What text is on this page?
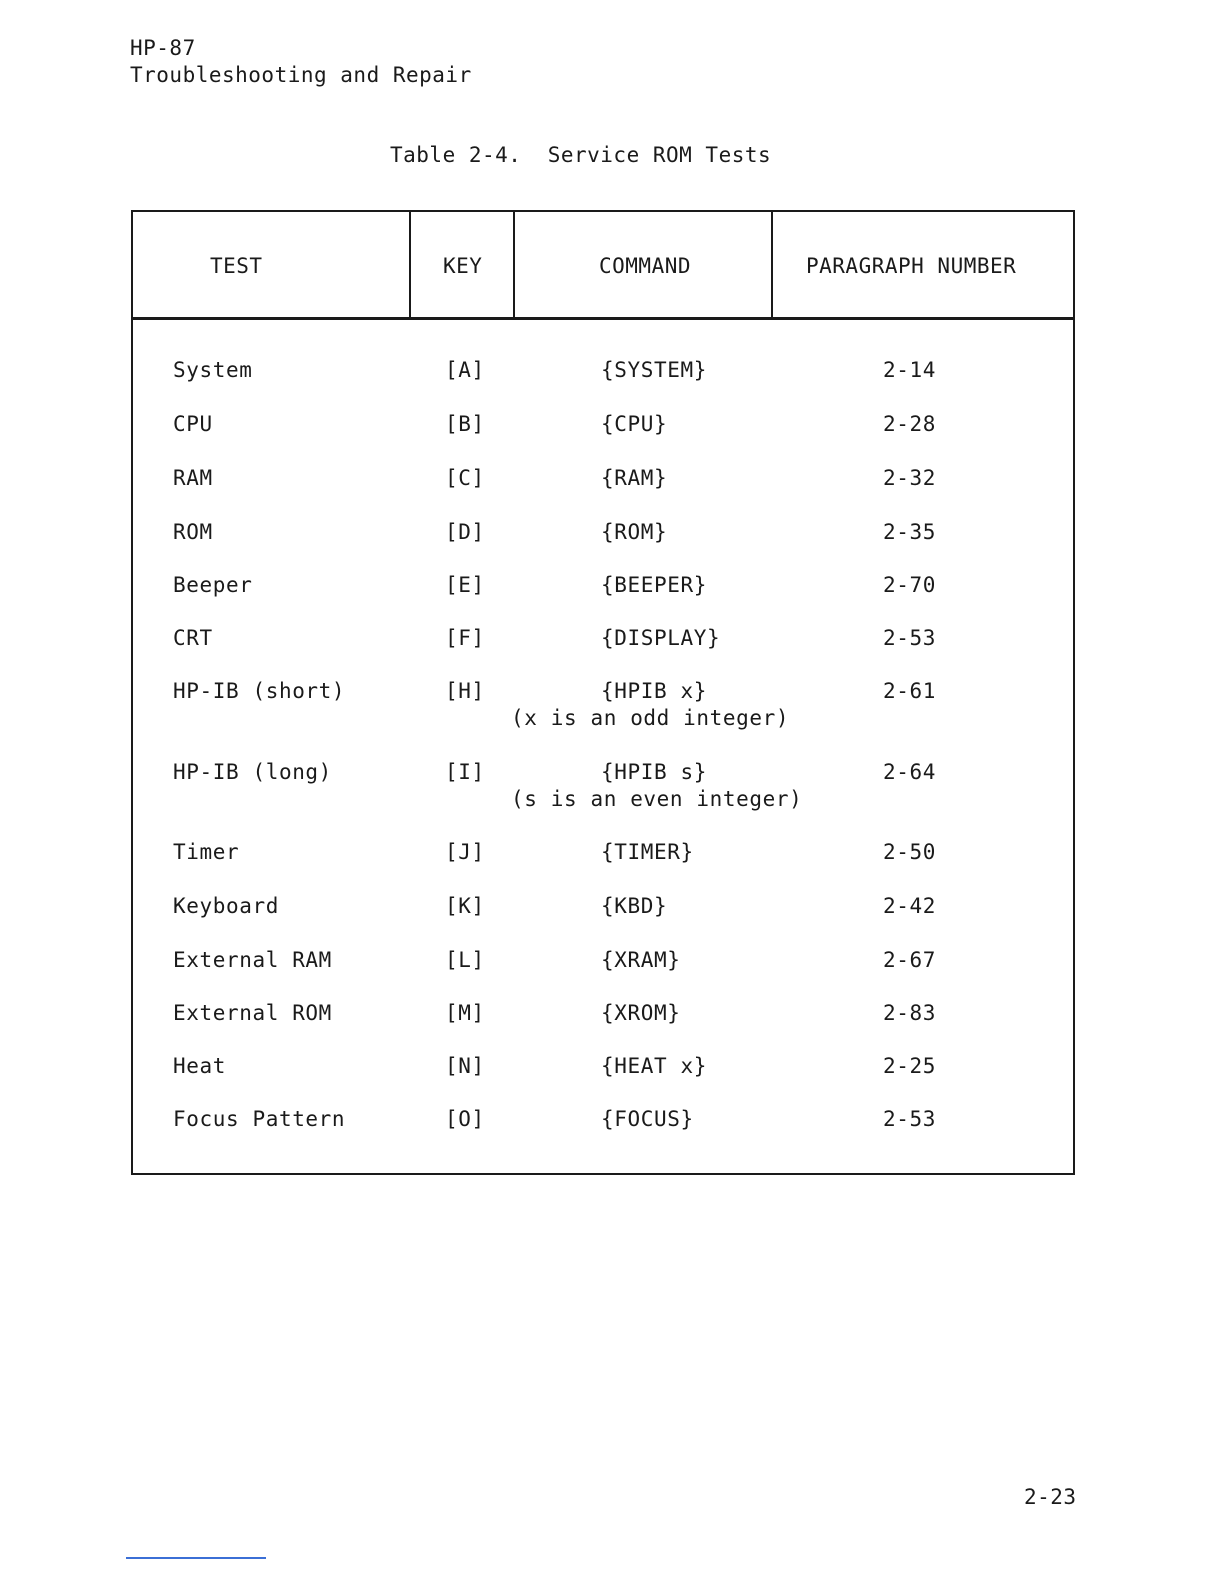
HP-87
Troubleshooting and Repair
Table 2-4.  Service ROM Tests
TEST	KEY	COMMAND	PARAGRAPH NUMBER
System	[A]	{SYSTEM}	2-14
CPU	[B]	{CPU}	2-28
RAM	[C]	{RAM}	2-32
ROM	[D]	{ROM}	2-35
Beeper	[E]	{BEEPER}	2-70
CRT	[F]	{DISPLAY}	2-53
HP-IB (short)	[H]	{HPIB x}	2-61
(x is an odd integer)
HP-IB (long)	[I]	{HPIB s}	2-64
(s is an even integer)
Timer	[J]	{TIMER}	2-50
Keyboard	[K]	{KBD}	2-42
External RAM	[L]	{XRAM}	2-67
External ROM	[M]	{XROM}	2-83
Heat	[N]	{HEAT x}	2-25
Focus Pattern	[O]	{FOCUS}	2-53
2-23
